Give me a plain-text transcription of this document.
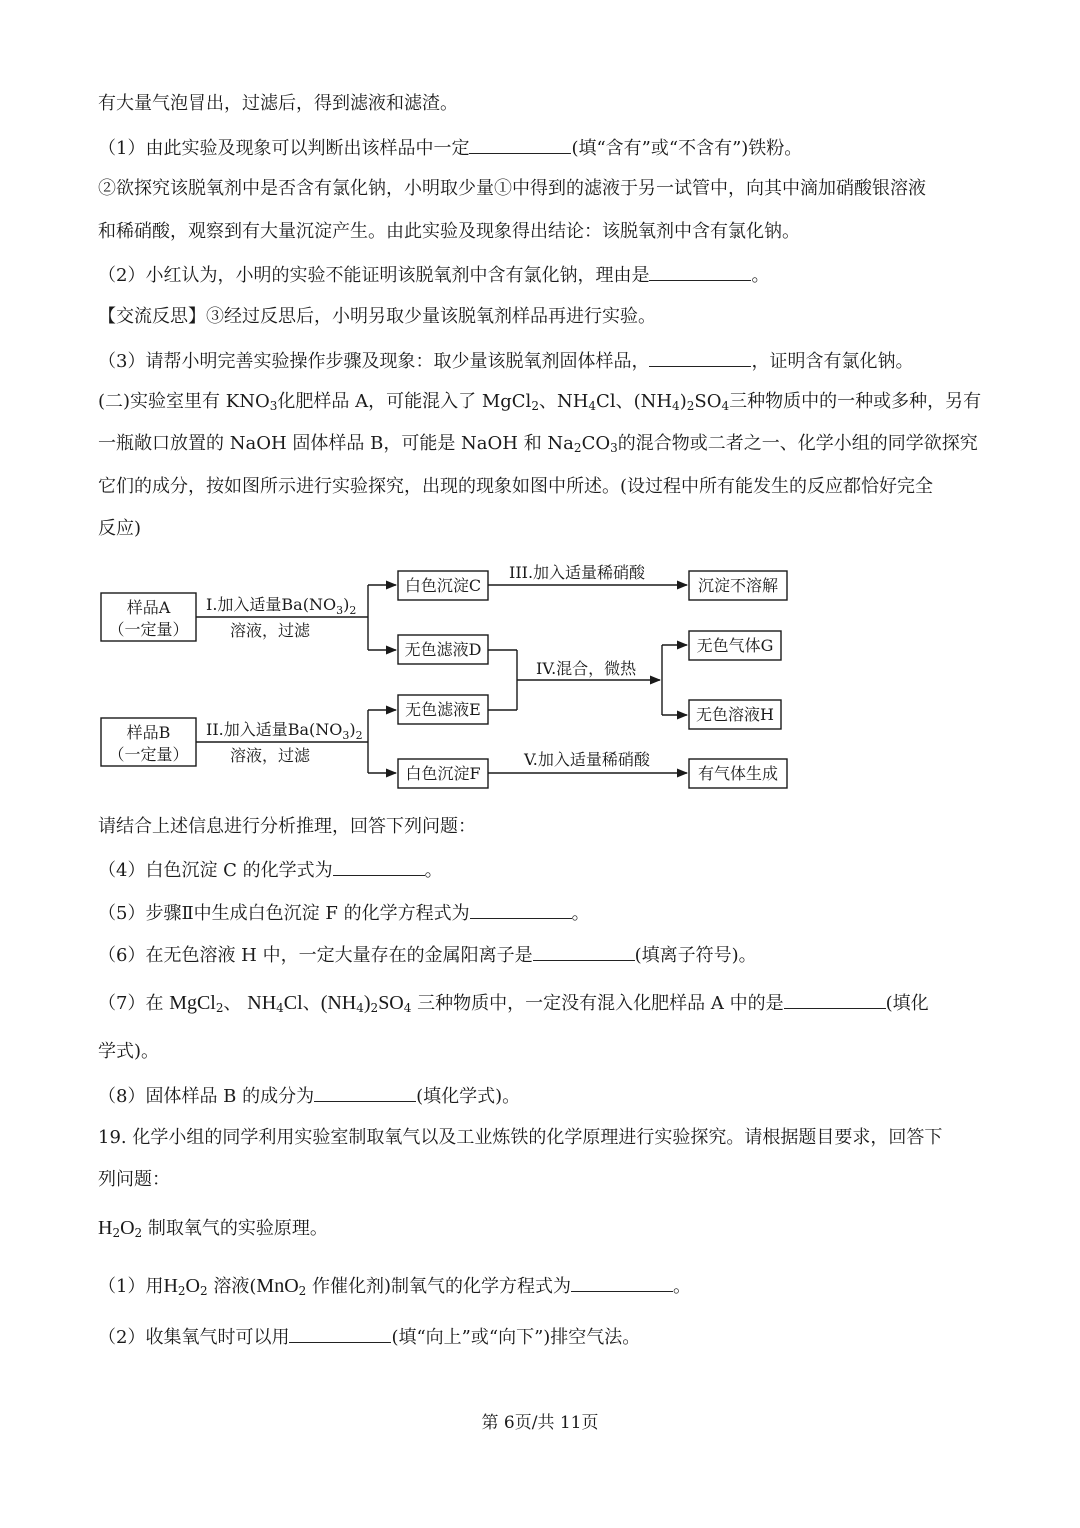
有大量气泡冒出，过滤后，得到滤液和滤渣。
（1）由此实验及现象可以判断出该样品中一定	(填“含有”或“不含有”)铁粉。
②欲探究该脱氧剂中是否含有氯化钠，小明取少量①中得到的滤液于另一试管中，向其中滴加硝酸银溶液
和稀硝酸，观察到有大量沉淀产生。由此实验及现象得出结论：该脱氧剂中含有氯化钠。
（2）小红认为，小明的实验不能证明该脱氧剂中含有氯化钠，理由是	。
【交流反思】③经过反思后，小明另取少量该脱氧剂样品再进行实验。
（3）请帮小明完善实验操作步骤及现象：取少量该脱氧剂固体样品，	，证明含有氯化钠。
(二)实验室里有 $KNO_3$化肥样品 A，可能混入了 MgCl$_2$、$NH_4Cl$、$(NH_4)_2SO_4$三种物质中的一种或多种，另有
一瓶敞口放置的 NaOH 固体样品 B，可能是 NaOH 和 $Na_2CO_3$的混合物或二者之一、化学小组的同学欲探究
它们的成分，按如图所示进行实验探究，出现的现象如图中所述。(设过程中所有能发生的反应都恰好完全
反应)
样品A
（一定量）
样品B
（一定量）
I.加入适量$Ba(NO_3)_2$
溶液，过滤
II.加入适量$Ba(NO_3)_2$
溶液，过滤
III.加入适量稀硝酸
IV.混合，微热
V.加入适量稀硝酸
白色沉淀C
无色滤液D
无色滤液E
白色沉淀F
沉淀不溶解
无色气体G
无色溶液H
有气体生成
请结合上述信息进行分析推理，回答下列问题：
（4）白色沉淀 C 的化学式为	。
（5）步骤Ⅱ中生成白色沉淀 F 的化学方程式为	。
（6）在无色溶液 H 中，一定大量存在的金属阳离子是	(填离子符号)。
（7）在 MgCl$_2$、 $NH_4Cl$、$(NH_4)_2SO_4$ 三种物质中，一定没有混入化肥样品 A 中的是	(填化
学式)。
（8）固体样品 B 的成分为	(填化学式)。
19. 化学小组的同学利用实验室制取氧气以及工业炼铁的化学原理进行实验探究。请根据题目要求，回答下
列问题：
$H_2O_2$ 制取氧气的实验原理。
（1）用$H_2O_2$ 溶液(MnO$_2$ 作催化剂)制氧气的化学方程式为	。
（2）收集氧气时可以用	(填“向上”或“向下”)排空气法。
第 6页/共 11页
